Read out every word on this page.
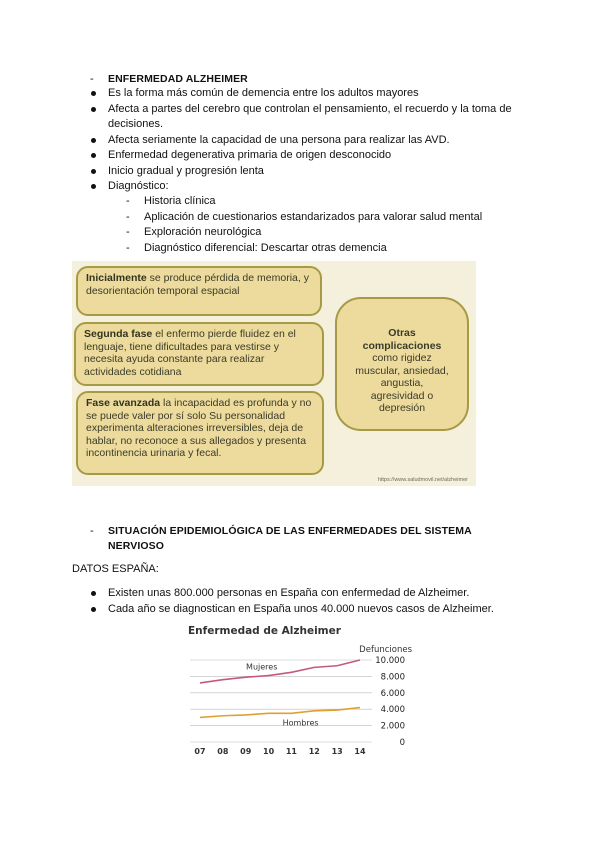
- ENFERMEDAD ALZHEIMER
Es la forma más común de demencia entre los adultos mayores
Afecta a partes del cerebro que controlan el pensamiento, el recuerdo y la toma de decisiones.
Afecta seriamente la capacidad de una persona para realizar las AVD.
Enfermedad degenerativa primaria de origen desconocido
Inicio gradual y progresión lenta
Diagnóstico:
- Historia clínica
- Aplicación de cuestionarios estandarizados para valorar salud mental
- Exploración neurológica
- Diagnóstico diferencial: Descartar otras demencia
Inicialmente se produce pérdida de memoria, y desorientación temporal espacial
Segunda fase el enfermo pierde fluidez en el lenguaje, tiene dificultades para vestirse y necesita ayuda constante para realizar actividades cotidiana
Fase avanzada la incapacidad es profunda y no se puede valer por sí solo Su personalidad experimenta alteraciones irreversibles, deja de hablar, no reconoce a sus allegados y presenta incontinencia urinaria y fecal.
Otras
complicaciones
como rigidez
muscular, ansiedad,
angustia,
agresividad o
depresión
https://www.saludmovil.net/alzheimer
- SITUACIÓN EPIDEMIOLÓGICA DE LAS ENFERMEDADES DEL SISTEMA
NERVIOSO
DATOS ESPAÑA:
Existen unas 800.000 personas en España con enfermedad de Alzheimer.
Cada año se diagnostican en España unos 40.000 nuevos casos de Alzheimer.
Enfermedad de Alzheimer
Defunciones
10.000
8.000
6.000
4.000
2.000
0
07 08 09 10 11 12 13 14
Mujeres
Hombres
